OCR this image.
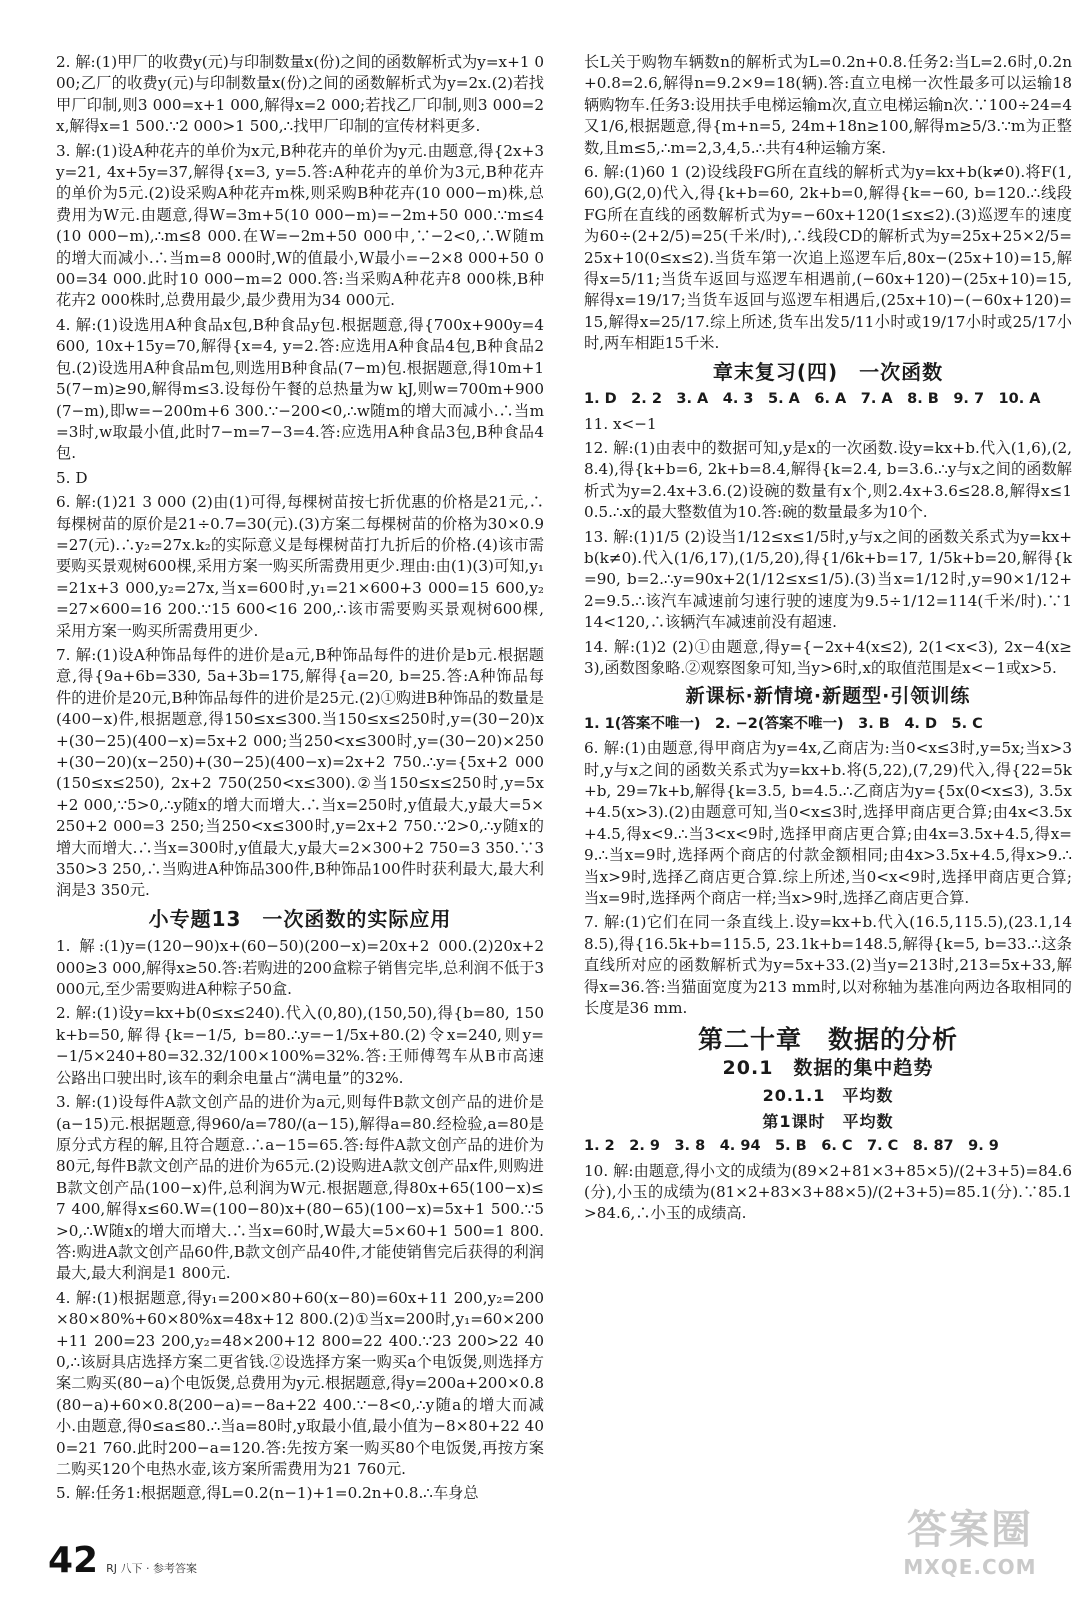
2. 解:(1)甲厂的收费y(元)与印制数量x(份)之间的函数解析式为y=x+1 000;乙厂的收费y(元)与印制数量x(份)之间的函数解析式为y=2x.(2)若找甲厂印制,则3 000=x+1 000,解得x=2 000;若找乙厂印制,则3 000=2x,解得x=1 500.∵2 000>1 500,∴找甲厂印制的宣传材料更多.

3. 解:(1)设A种花卉的单价为x元,B种花卉的单价为y元.由题意,得{2x+3y=21, 4x+5y=37,解得{x=3, y=5.答:A种花卉的单价为3元,B种花卉的单价为5元.(2)设采购A种花卉m株,则采购B种花卉(10 000−m)株,总费用为W元.由题意,得W=3m+5(10 000−m)=−2m+50 000.∵m≤4(10 000−m),∴m≤8 000.在W=−2m+50 000中,∵−2<0,∴W随m的增大而减小.∴当m=8 000时,W的值最小,W最小=−2×8 000+50 000=34 000.此时10 000−m=2 000.答:当采购A种花卉8 000株,B种花卉2 000株时,总费用最少,最少费用为34 000元.

4. 解:(1)设选用A种食品x包,B种食品y包.根据题意,得{700x+900y=4 600, 10x+15y=70,解得{x=4, y=2.答:应选用A种食品4包,B种食品2包.(2)设选用A种食品m包,则选用B种食品(7−m)包.根据题意,得10m+15(7−m)≥90,解得m≤3.设每份午餐的总热量为w kJ,则w=700m+900(7−m),即w=−200m+6 300.∵−200<0,∴w随m的增大而减小.∴当m=3时,w取最小值,此时7−m=7−3=4.答:应选用A种食品3包,B种食品4包.

5. D

6. 解:(1)21 3 000 (2)由(1)可得,每棵树苗按七折优惠的价格是21元,∴每棵树苗的原价是21÷0.7=30(元).(3)方案二每棵树苗的价格为30×0.9=27(元).∴y₂=27x.k₂的实际意义是每棵树苗打九折后的价格.(4)该市需要购买景观树600棵,采用方案一购买所需费用更少.理由:由(1)(3)可知,y₁=21x+3 000,y₂=27x,当x=600时,y₁=21×600+3 000=15 600,y₂=27×600=16 200.∵15 600<16 200,∴该市需要购买景观树600棵,采用方案一购买所需费用更少.

7. 解:(1)设A种饰品每件的进价是a元,B种饰品每件的进价是b元.根据题意,得{9a+6b=330, 5a+3b=175,解得{a=20, b=25.答:A种饰品每件的进价是20元,B种饰品每件的进价是25元.(2)①购进B种饰品的数量是(400−x)件,根据题意,得150≤x≤300.当150≤x≤250时,y=(30−20)x+(30−25)(400−x)=5x+2 000;当250<x≤300时,y=(30−20)×250+(30−20)(x−250)+(30−25)(400−x)=2x+2 750.∴y={5x+2 000(150≤x≤250), 2x+2 750(250<x≤300).②当150≤x≤250时,y=5x+2 000,∵5>0,∴y随x的增大而增大.∴当x=250时,y值最大,y最大=5×250+2 000=3 250;当250<x≤300时,y=2x+2 750.∵2>0,∴y随x的增大而增大.∴当x=300时,y值最大,y最大=2×300+2 750=3 350.∵3 350>3 250,∴当购进A种饰品300件,B种饰品100件时获利最大,最大利润是3 350元.

小专题13　一次函数的实际应用

1. 解:(1)y=(120−90)x+(60−50)(200−x)=20x+2 000.(2)20x+2 000≥3 000,解得x≥50.答:若购进的200盒粽子销售完毕,总利润不低于3 000元,至少需要购进A种粽子50盒.

2. 解:(1)设y=kx+b(0≤x≤240).代入(0,80),(150,50),得{b=80, 150k+b=50,解得{k=−1/5, b=80.∴y=−1/5x+80.(2)令x=240,则y=−1/5×240+80=32.32/100×100%=32%.答:王师傅驾车从B市高速公路出口驶出时,该车的剩余电量占“满电量”的32%.

3. 解:(1)设每件A款文创产品的进价为a元,则每件B款文创产品的进价是(a−15)元.根据题意,得960/a=780/(a−15),解得a=80.经检验,a=80是原分式方程的解,且符合题意.∴a−15=65.答:每件A款文创产品的进价为80元,每件B款文创产品的进价为65元.(2)设购进A款文创产品x件,则购进B款文创产品(100−x)件,总利润为W元.根据题意,得80x+65(100−x)≤7 400,解得x≤60.W=(100−80)x+(80−65)(100−x)=5x+1 500.∵5>0,∴W随x的增大而增大.∴当x=60时,W最大=5×60+1 500=1 800.答:购进A款文创产品60件,B款文创产品40件,才能使销售完后获得的利润最大,最大利润是1 800元.

4. 解:(1)根据题意,得y₁=200×80+60(x−80)=60x+11 200,y₂=200×80×80%+60×80%x=48x+12 800.(2)①当x=200时,y₁=60×200+11 200=23 200,y₂=48×200+12 800=22 400.∵23 200>22 400,∴该厨具店选择方案二更省钱.②设选择方案一购买a个电饭煲,则选择方案二购买(80−a)个电饭煲,总费用为y元.根据题意,得y=200a+200×0.8(80−a)+60×0.8(200−a)=−8a+22 400.∵−8<0,∴y随a的增大而减小.由题意,得0≤a≤80.∴当a=80时,y取最小值,最小值为−8×80+22 400=21 760.此时200−a=120.答:先按方案一购买80个电饭煲,再按方案二购买120个电热水壶,该方案所需费用为21 760元.

5. 解:任务1:根据题意,得L=0.2(n−1)+1=0.2n+0.8.∴车身总

长L关于购物车辆数n的解析式为L=0.2n+0.8.任务2:当L=2.6时,0.2n+0.8=2.6,解得n=9.2×9=18(辆).答:直立电梯一次性最多可以运输18辆购物车.任务3:设用扶手电梯运输m次,直立电梯运输n次.∵100÷24=4又1/6,根据题意,得{m+n=5, 24m+18n≥100,解得m≥5/3.∵m为正整数,且m≤5,∴m=2,3,4,5.∴共有4种运输方案.

6. 解:(1)60 1 (2)设线段FG所在直线的解析式为y=kx+b(k≠0).将F(1,60),G(2,0)代入,得{k+b=60, 2k+b=0,解得{k=−60, b=120.∴线段FG所在直线的函数解析式为y=−60x+120(1≤x≤2).(3)巡逻车的速度为60÷(2+2/5)=25(千米/时),∴线段CD的解析式为y=25x+25×2/5=25x+10(0≤x≤2).当货车第一次追上巡逻车后,80x−(25x+10)=15,解得x=5/11;当货车返回与巡逻车相遇前,(−60x+120)−(25x+10)=15,解得x=19/17;当货车返回与巡逻车相遇后,(25x+10)−(−60x+120)=15,解得x=25/17.综上所述,货车出发5/11小时或19/17小时或25/17小时,两车相距15千米.

章末复习(四)　一次函数

1. D　2. 2　3. A　4. 3　5. A　6. A　7. A　8. B　9. 7　10. A

11. x<−1

12. 解:(1)由表中的数据可知,y是x的一次函数.设y=kx+b.代入(1,6),(2,8.4),得{k+b=6, 2k+b=8.4,解得{k=2.4, b=3.6.∴y与x之间的函数解析式为y=2.4x+3.6.(2)设碗的数量有x个,则2.4x+3.6≤28.8,解得x≤10.5.∴x的最大整数值为10.答:碗的数量最多为10个.

13. 解:(1)1/5 (2)设当1/12≤x≤1/5时,y与x之间的函数关系式为y=kx+b(k≠0).代入(1/6,17),(1/5,20),得{1/6k+b=17, 1/5k+b=20,解得{k=90, b=2.∴y=90x+2(1/12≤x≤1/5).(3)当x=1/12时,y=90×1/12+2=9.5.∴该汽车减速前匀速行驶的速度为9.5÷1/12=114(千米/时).∵114<120,∴该辆汽车减速前没有超速.

14. 解:(1)2 (2)①由题意,得y={−2x+4(x≤2), 2(1<x<3), 2x−4(x≥3),函数图象略.②观察图象可知,当y>6时,x的取值范围是x<−1或x>5.

新课标·新情境·新题型·引领训练

1. 1(答案不唯一)　2. −2(答案不唯一)　3. B　4. D　5. C

6. 解:(1)由题意,得甲商店为y=4x,乙商店为:当0<x≤3时,y=5x;当x>3时,y与x之间的函数关系式为y=kx+b.将(5,22),(7,29)代入,得{22=5k+b, 29=7k+b,解得{k=3.5, b=4.5.∴乙商店为y={5x(0<x≤3), 3.5x+4.5(x>3).(2)由题意可知,当0<x≤3时,选择甲商店更合算;由4x<3.5x+4.5,得x<9.∴当3<x<9时,选择甲商店更合算;由4x=3.5x+4.5,得x=9.∴当x=9时,选择两个商店的付款金额相同;由4x>3.5x+4.5,得x>9.∴当x>9时,选择乙商店更合算.综上所述,当0<x<9时,选择甲商店更合算;当x=9时,选择两个商店一样;当x>9时,选择乙商店更合算.

7. 解:(1)它们在同一条直线上.设y=kx+b.代入(16.5,115.5),(23.1,148.5),得{16.5k+b=115.5, 23.1k+b=148.5,解得{k=5, b=33.∴这条直线所对应的函数解析式为y=5x+33.(2)当y=213时,213=5x+33,解得x=36.答:当猫面宽度为213 mm时,以对称轴为基准向两边各取相同的长度是36 mm.

第二十章　数据的分析
20.1　数据的集中趋势
20.1.1　平均数
第1课时　平均数

1. 2　2. 9　3. 8　4. 94　5. B　6. C　7. C　8. 87　9. 9

10. 解:由题意,得小文的成绩为(89×2+81×3+85×5)/(2+3+5)=84.6(分),小玉的成绩为(81×2+83×3+88×5)/(2+3+5)=85.1(分).∵85.1>84.6,∴小玉的成绩高.

42 RJ 八下 · 参考答案
答案圈
MXQE.COM
